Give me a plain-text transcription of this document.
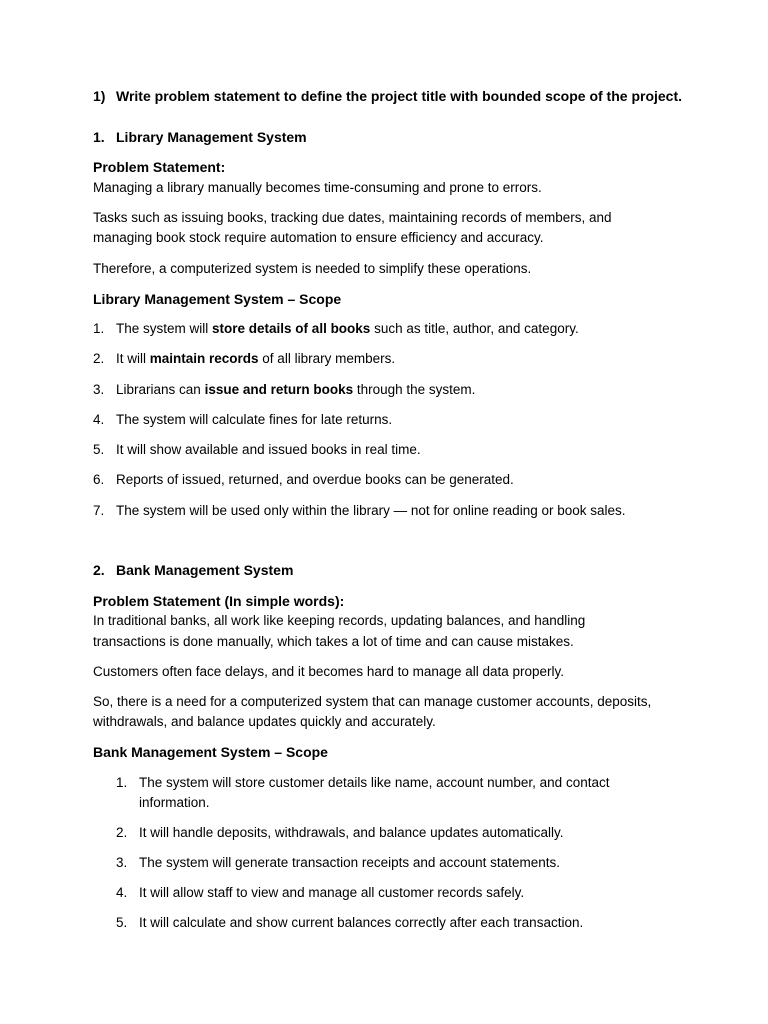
1) Write problem statement to define the project title with bounded scope of the project.
1. Library Management System
Problem Statement:
Managing a library manually becomes time-consuming and prone to errors.
Tasks such as issuing books, tracking due dates, maintaining records of members, and
managing book stock require automation to ensure efficiency and accuracy.
Therefore, a computerized system is needed to simplify these operations.
Library Management System – Scope
1. The system will store details of all books such as title, author, and category.
2. It will maintain records of all library members.
3. Librarians can issue and return books through the system.
4. The system will calculate fines for late returns.
5. It will show available and issued books in real time.
6. Reports of issued, returned, and overdue books can be generated.
7. The system will be used only within the library — not for online reading or book sales.
2. Bank Management System
Problem Statement (In simple words):
In traditional banks, all work like keeping records, updating balances, and handling
transactions is done manually, which takes a lot of time and can cause mistakes.
Customers often face delays, and it becomes hard to manage all data properly.
So, there is a need for a computerized system that can manage customer accounts, deposits,
withdrawals, and balance updates quickly and accurately.
Bank Management System – Scope
1. The system will store customer details like name, account number, and contact
information.
2. It will handle deposits, withdrawals, and balance updates automatically.
3. The system will generate transaction receipts and account statements.
4. It will allow staff to view and manage all customer records safely.
5. It will calculate and show current balances correctly after each transaction.
